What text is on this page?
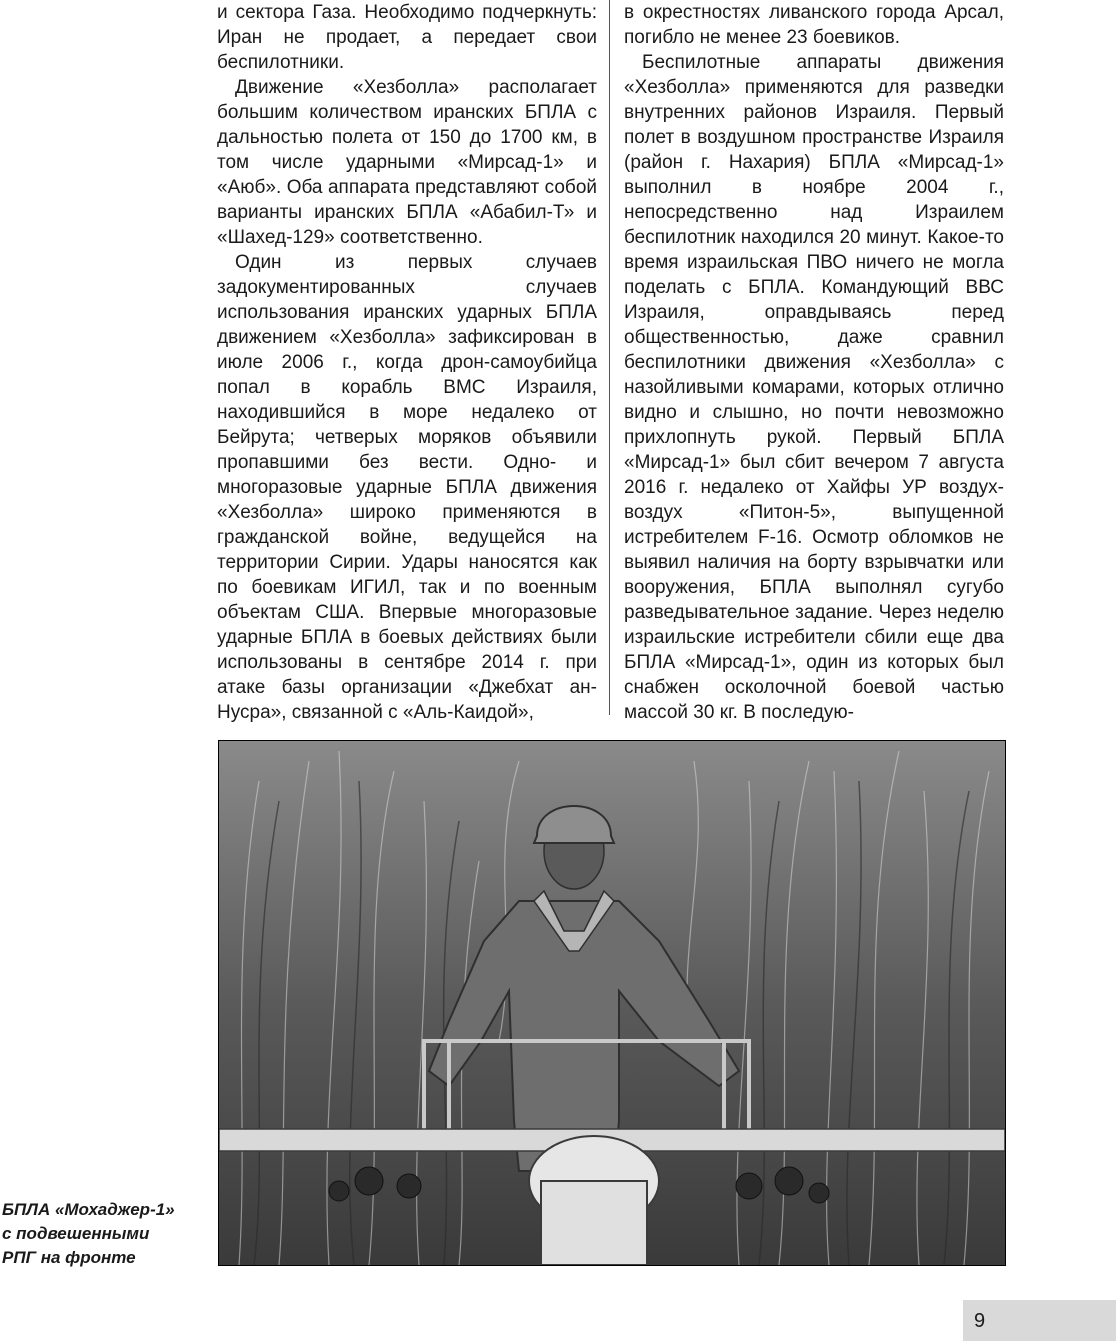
и сектора Газа. Необходимо подчеркнуть: Иран не продает, а передает свои беспилотники.

Движение «Хезболла» располагает большим количеством иранских БПЛА с дальностью полета от 150 до 1700 км, в том числе ударными «Мирсад-1» и «Аюб». Оба аппарата представляют собой варианты иранских БПЛА «Абабил-Т» и «Шахед-129» соответственно.

Один из первых случаев задокументированных случаев использования иранских ударных БПЛА движением «Хезболла» зафиксирован в июле 2006 г., когда дрон-самоубийца попал в корабль ВМС Израиля, находившийся в море недалеко от Бейрута; четверых моряков объявили пропавшими без вести. Одно- и многоразовые ударные БПЛА движения «Хезболла» широко применяются в гражданской войне, ведущейся на территории Сирии. Удары наносятся как по боевикам ИГИЛ, так и по военным объектам США. Впервые многоразовые ударные БПЛА в боевых действиях были использованы в сентябре 2014 г. при атаке базы организации «Джебхат ан-Нусра», связанной с «Аль-Каидой»,

в окрестностях ливанского города Арсал, погибло не менее 23 боевиков.

Беспилотные аппараты движения «Хезболла» применяются для разведки внутренних районов Израиля. Первый полет в воздушном пространстве Израиля (район г. Нахария) БПЛА «Мирсад-1» выполнил в ноябре 2004 г., непосредственно над Израилем беспилотник находился 20 минут. Какое-то время израильская ПВО ничего не могла поделать с БПЛА. Командующий ВВС Израиля, оправдываясь перед общественностью, даже сравнил беспилотники движения «Хезболла» с назойливыми комарами, которых отлично видно и слышно, но почти невозможно прихлопнуть рукой. Первый БПЛА «Мирсад-1» был сбит вечером 7 августа 2016 г. недалеко от Хайфы УР воздух-воздух «Питон-5», выпущенной истребителем F-16. Осмотр обломков не выявил наличия на борту взрывчатки или вооружения, БПЛА выполнял сугубо разведывательное задание. Через неделю израильские истребители сбили еще два БПЛА «Мирсад-1», один из которых был снабжен осколочной боевой частью массой 30 кг. В последую-

БПЛА «Мохаджер-1»
с подвешенными
РПГ на фронте
9
